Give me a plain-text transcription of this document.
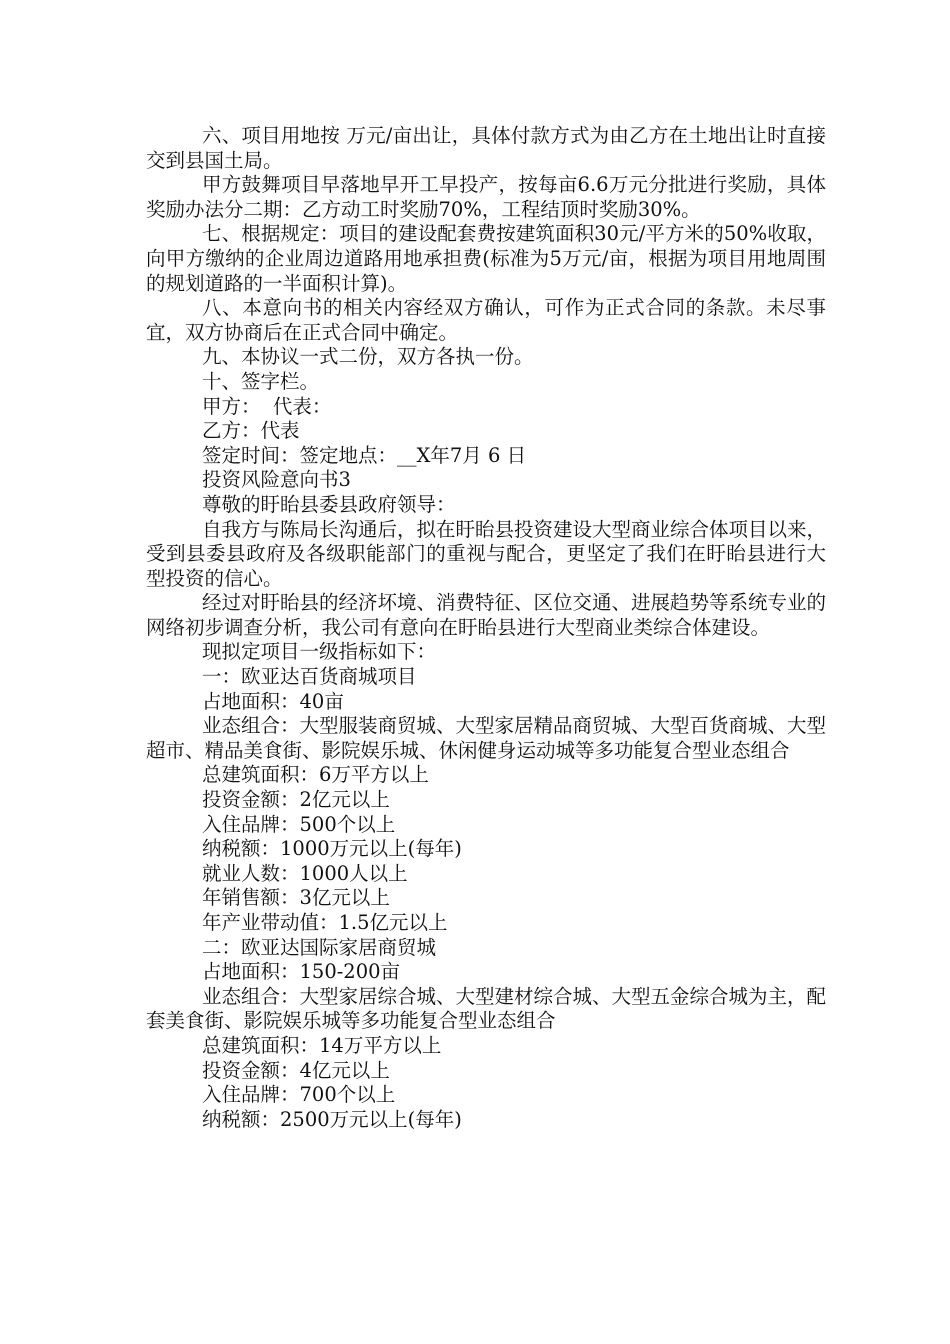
六、项目用地按 万元/亩出让，具体付款方式为由乙方在土地出让时直接交到县国土局。

甲方鼓舞项目早落地早开工早投产，按每亩6.6万元分批进行奖励，具体奖励办法分二期：乙方动工时奖励70%，工程结顶时奖励30%。

七、根据规定：项目的建设配套费按建筑面积30元/平方米的50%收取，向甲方缴纳的企业周边道路用地承担费(标准为5万元/亩，根据为项目用地周围的规划道路的一半面积计算)。

八、本意向书的相关内容经双方确认，可作为正式合同的条款。未尽事宜，双方协商后在正式合同中确定。

九、本协议一式二份，双方各执一份。

十、签字栏。

甲方：  代表：

乙方：代表

签定时间：签定地点：__X年7月 6 日

投资风险意向书3

尊敬的盱眙县委县政府领导：

自我方与陈局长沟通后，拟在盱眙县投资建设大型商业综合体项目以来，受到县委县政府及各级职能部门的重视与配合，更坚定了我们在盱眙县进行大型投资的信心。

经过对盱眙县的经济坏境、消费特征、区位交通、进展趋势等系统专业的网络初步调查分析，我公司有意向在盱眙县进行大型商业类综合体建设。

现拟定项目一级指标如下：

一：欧亚达百货商城项目

占地面积：40亩

业态组合：大型服装商贸城、大型家居精品商贸城、大型百货商城、大型超市、精品美食街、影院娱乐城、休闲健身运动城等多功能复合型业态组合

总建筑面积：6万平方以上

投资金额：2亿元以上

入住品牌：500个以上

纳税额：1000万元以上(每年)

就业人数：1000人以上

年销售额：3亿元以上

年产业带动值：1.5亿元以上

二：欧亚达国际家居商贸城

占地面积：150-200亩

业态组合：大型家居综合城、大型建材综合城、大型五金综合城为主，配套美食街、影院娱乐城等多功能复合型业态组合

总建筑面积：14万平方以上

投资金额：4亿元以上

入住品牌：700个以上

纳税额：2500万元以上(每年)
